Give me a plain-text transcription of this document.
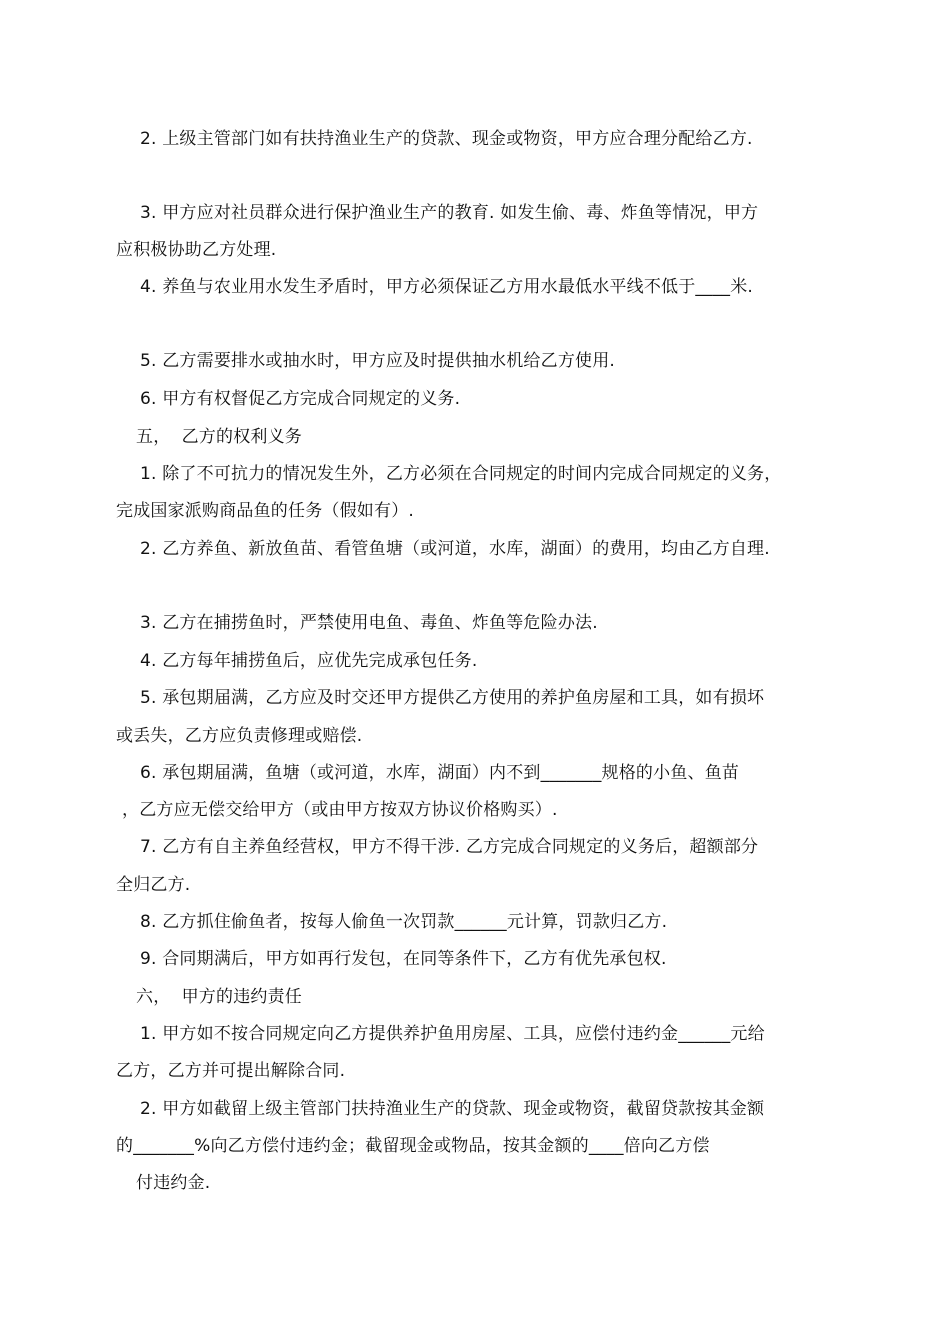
2. 上级主管部门如有扶持渔业生产的贷款、现金或物资，甲方应合理分配给乙方.
3. 甲方应对社员群众进行保护渔业生产的教育. 如发生偷、毒、炸鱼等情况，甲方
应积极协助乙方处理.
4. 养鱼与农业用水发生矛盾时，甲方必须保证乙方用水最低水平线不低于____米.
5. 乙方需要排水或抽水时，甲方应及时提供抽水机给乙方使用.
6. 甲方有权督促乙方完成合同规定的义务.
五，  乙方的权利义务
1. 除了不可抗力的情况发生外，乙方必须在合同规定的时间内完成合同规定的义务，
完成国家派购商品鱼的任务（假如有）.
2. 乙方养鱼、新放鱼苗、看管鱼塘（或河道，水库，湖面）的费用，均由乙方自理.
3. 乙方在捕捞鱼时，严禁使用电鱼、毒鱼、炸鱼等危险办法.
4. 乙方每年捕捞鱼后，应优先完成承包任务.
5. 承包期届满，乙方应及时交还甲方提供乙方使用的养护鱼房屋和工具，如有损坏
或丢失，乙方应负责修理或赔偿.
6. 承包期届满，鱼塘（或河道，水库，湖面）内不到_______规格的小鱼、鱼苗
，乙方应无偿交给甲方（或由甲方按双方协议价格购买）.
7. 乙方有自主养鱼经营权，甲方不得干涉. 乙方完成合同规定的义务后，超额部分
全归乙方.
8. 乙方抓住偷鱼者，按每人偷鱼一次罚款______元计算，罚款归乙方.
9. 合同期满后，甲方如再行发包，在同等条件下，乙方有优先承包权.
六，  甲方的违约责任
1. 甲方如不按合同规定向乙方提供养护鱼用房屋、工具，应偿付违约金______元给
乙方，乙方并可提出解除合同.
2. 甲方如截留上级主管部门扶持渔业生产的贷款、现金或物资，截留贷款按其金额
的_______%向乙方偿付违约金；截留现金或物品，按其金额的____倍向乙方偿
付违约金.
